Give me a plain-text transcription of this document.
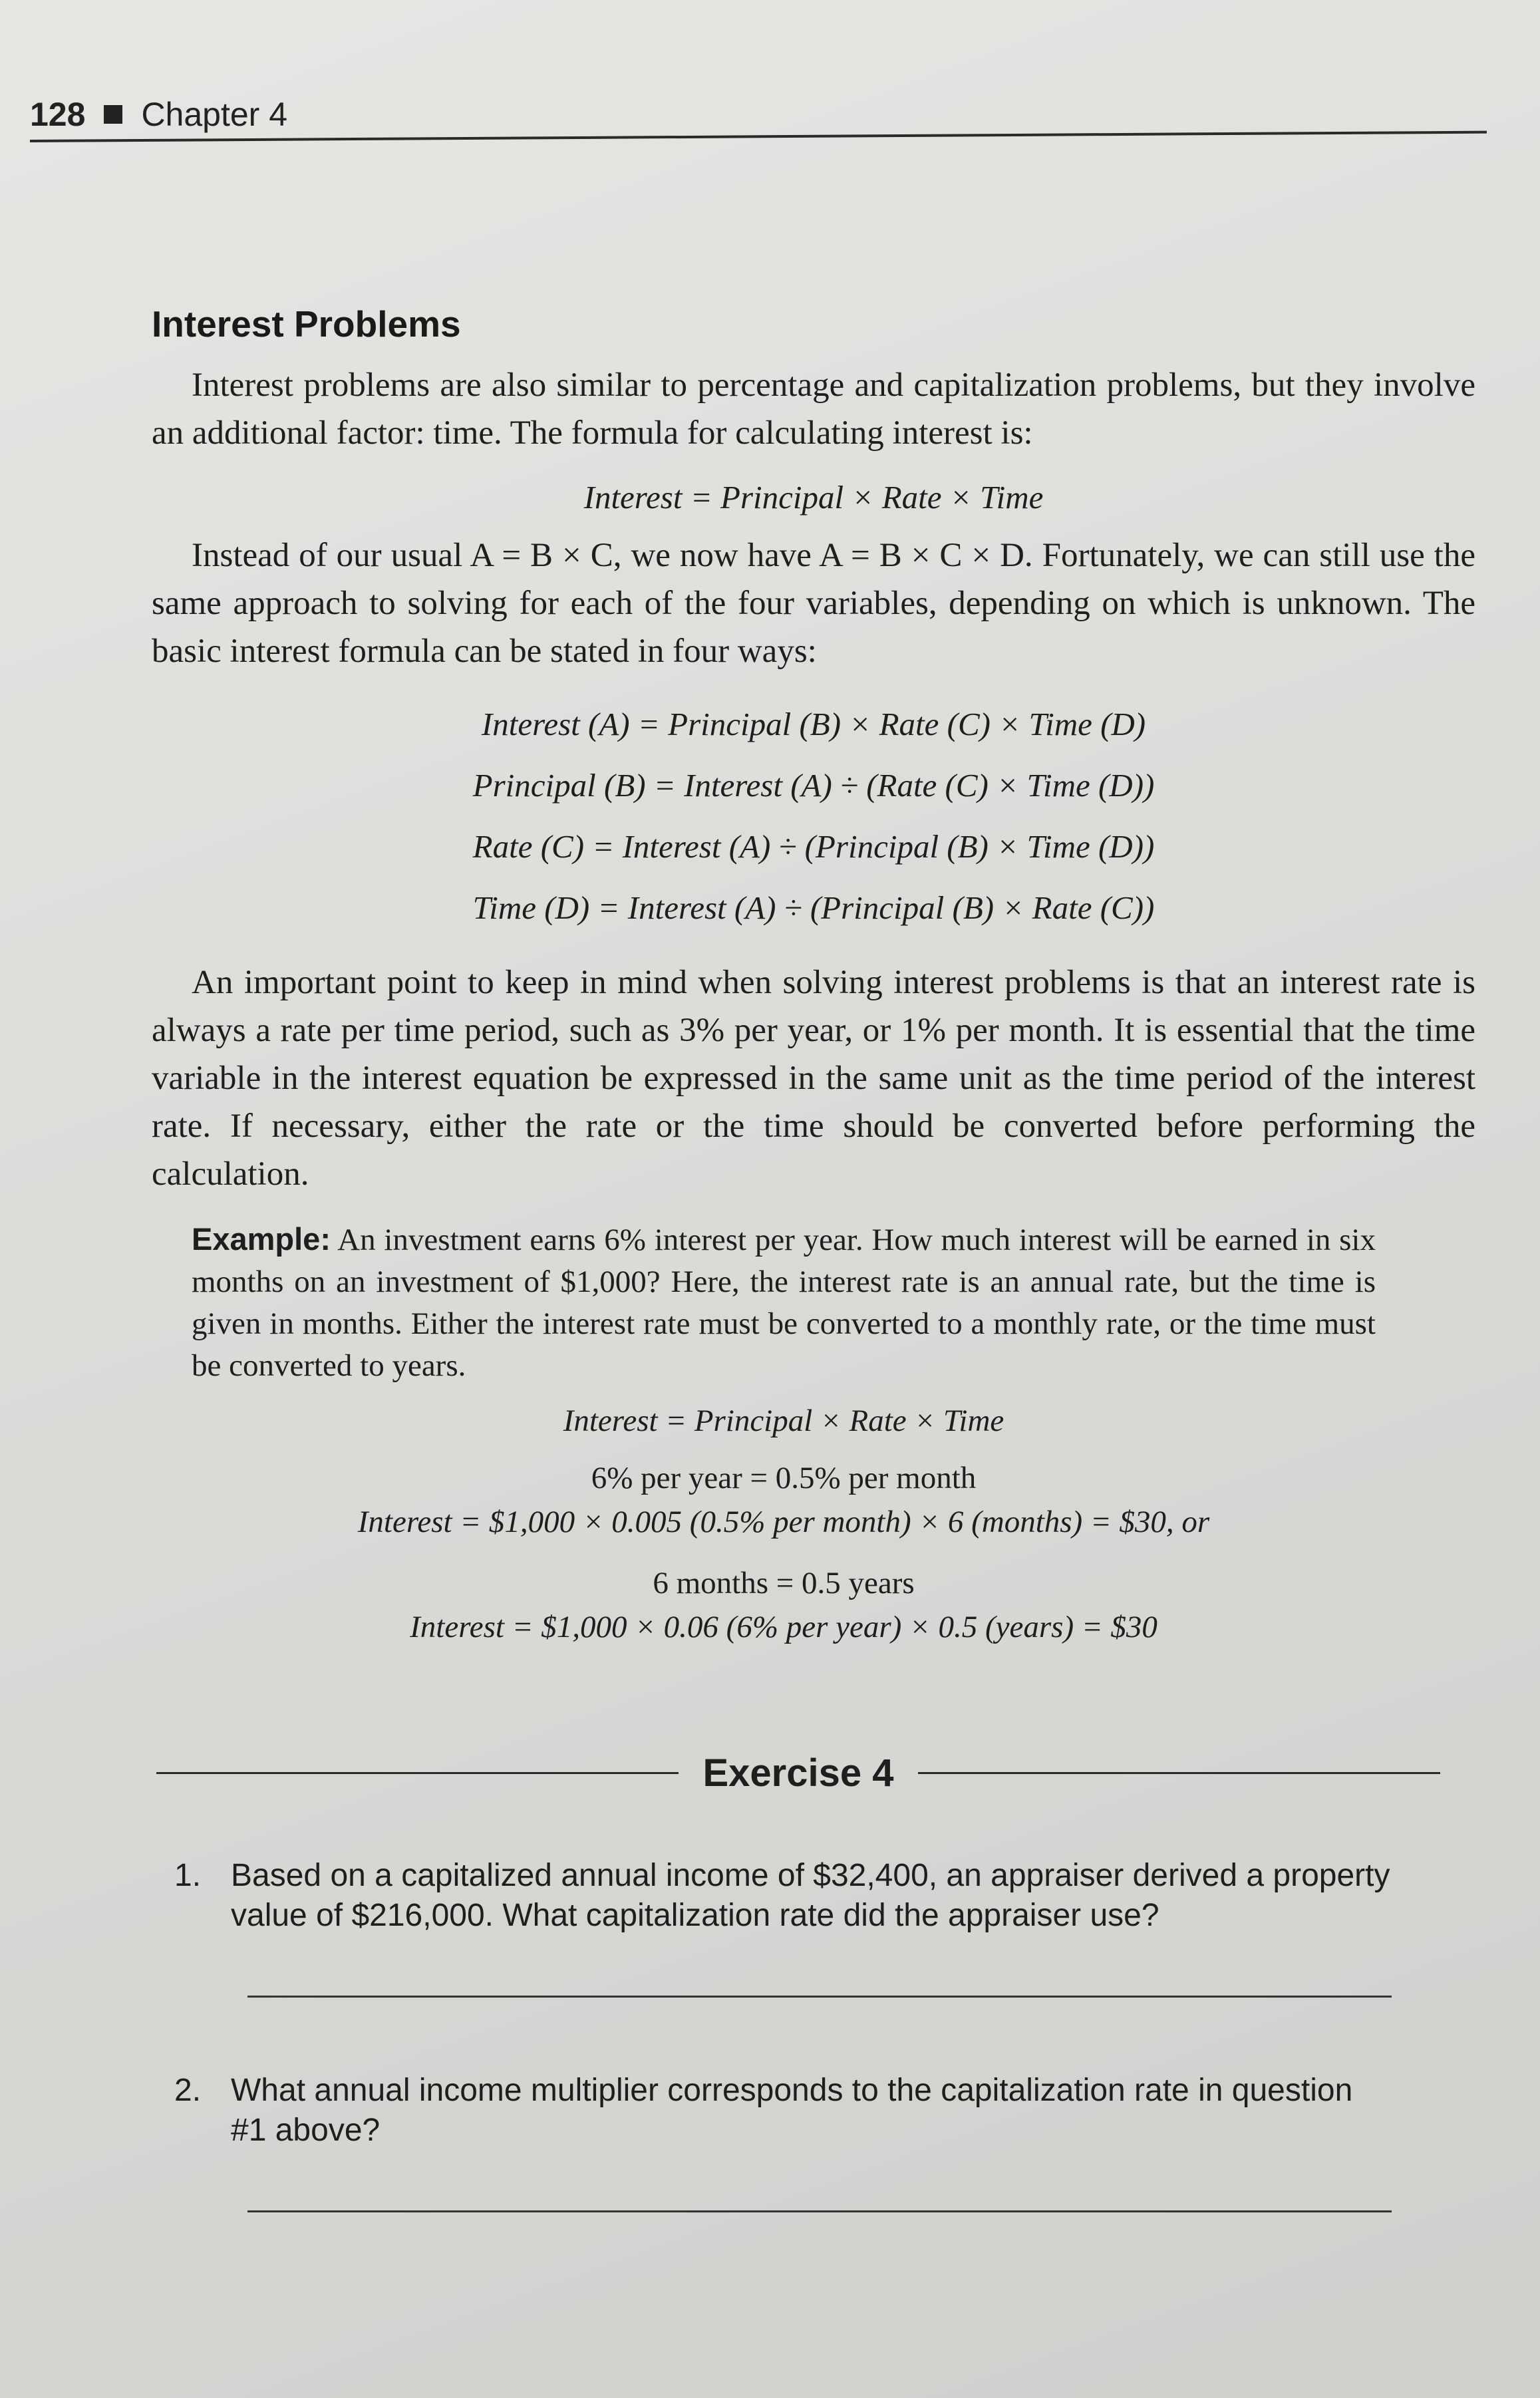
128 Chapter 4
Interest Problems

Interest problems are also similar to percentage and capitalization problems, but they involve an additional factor: time. The formula for calculating interest is:

Interest = Principal × Rate × Time

Instead of our usual A = B × C, we now have A = B × C × D. Fortunately, we can still use the same approach to solving for each of the four variables, depending on which is unknown. The basic interest formula can be stated in four ways:

Interest (A) = Principal (B) × Rate (C) × Time (D)
Principal (B) = Interest (A) ÷ (Rate (C) × Time (D))
Rate (C) = Interest (A) ÷ (Principal (B) × Time (D))
Time (D) = Interest (A) ÷ (Principal (B) × Rate (C))

An important point to keep in mind when solving interest problems is that an interest rate is always a rate per time period, such as 3% per year, or 1% per month. It is essential that the time variable in the interest equation be expressed in the same unit as the time period of the interest rate. If necessary, either the rate or the time should be converted before performing the calculation.

Example: An investment earns 6% interest per year. How much interest will be earned in six months on an investment of $1,000? Here, the interest rate is an annual rate, but the time is given in months. Either the interest rate must be converted to a monthly rate, or the time must be converted to years.
Interest = Principal × Rate × Time
6% per year = 0.5% per month
Interest = $1,000 × 0.005 (0.5% per month) × 6 (months) = $30, or
6 months = 0.5 years
Interest = $1,000 × 0.06 (6% per year) × 0.5 (years) = $30
Exercise 4
1. Based on a capitalized annual income of $32,400, an appraiser derived a property value of $216,000. What capitalization rate did the appraiser use?
2. What annual income multiplier corresponds to the capitalization rate in question #1 above?
